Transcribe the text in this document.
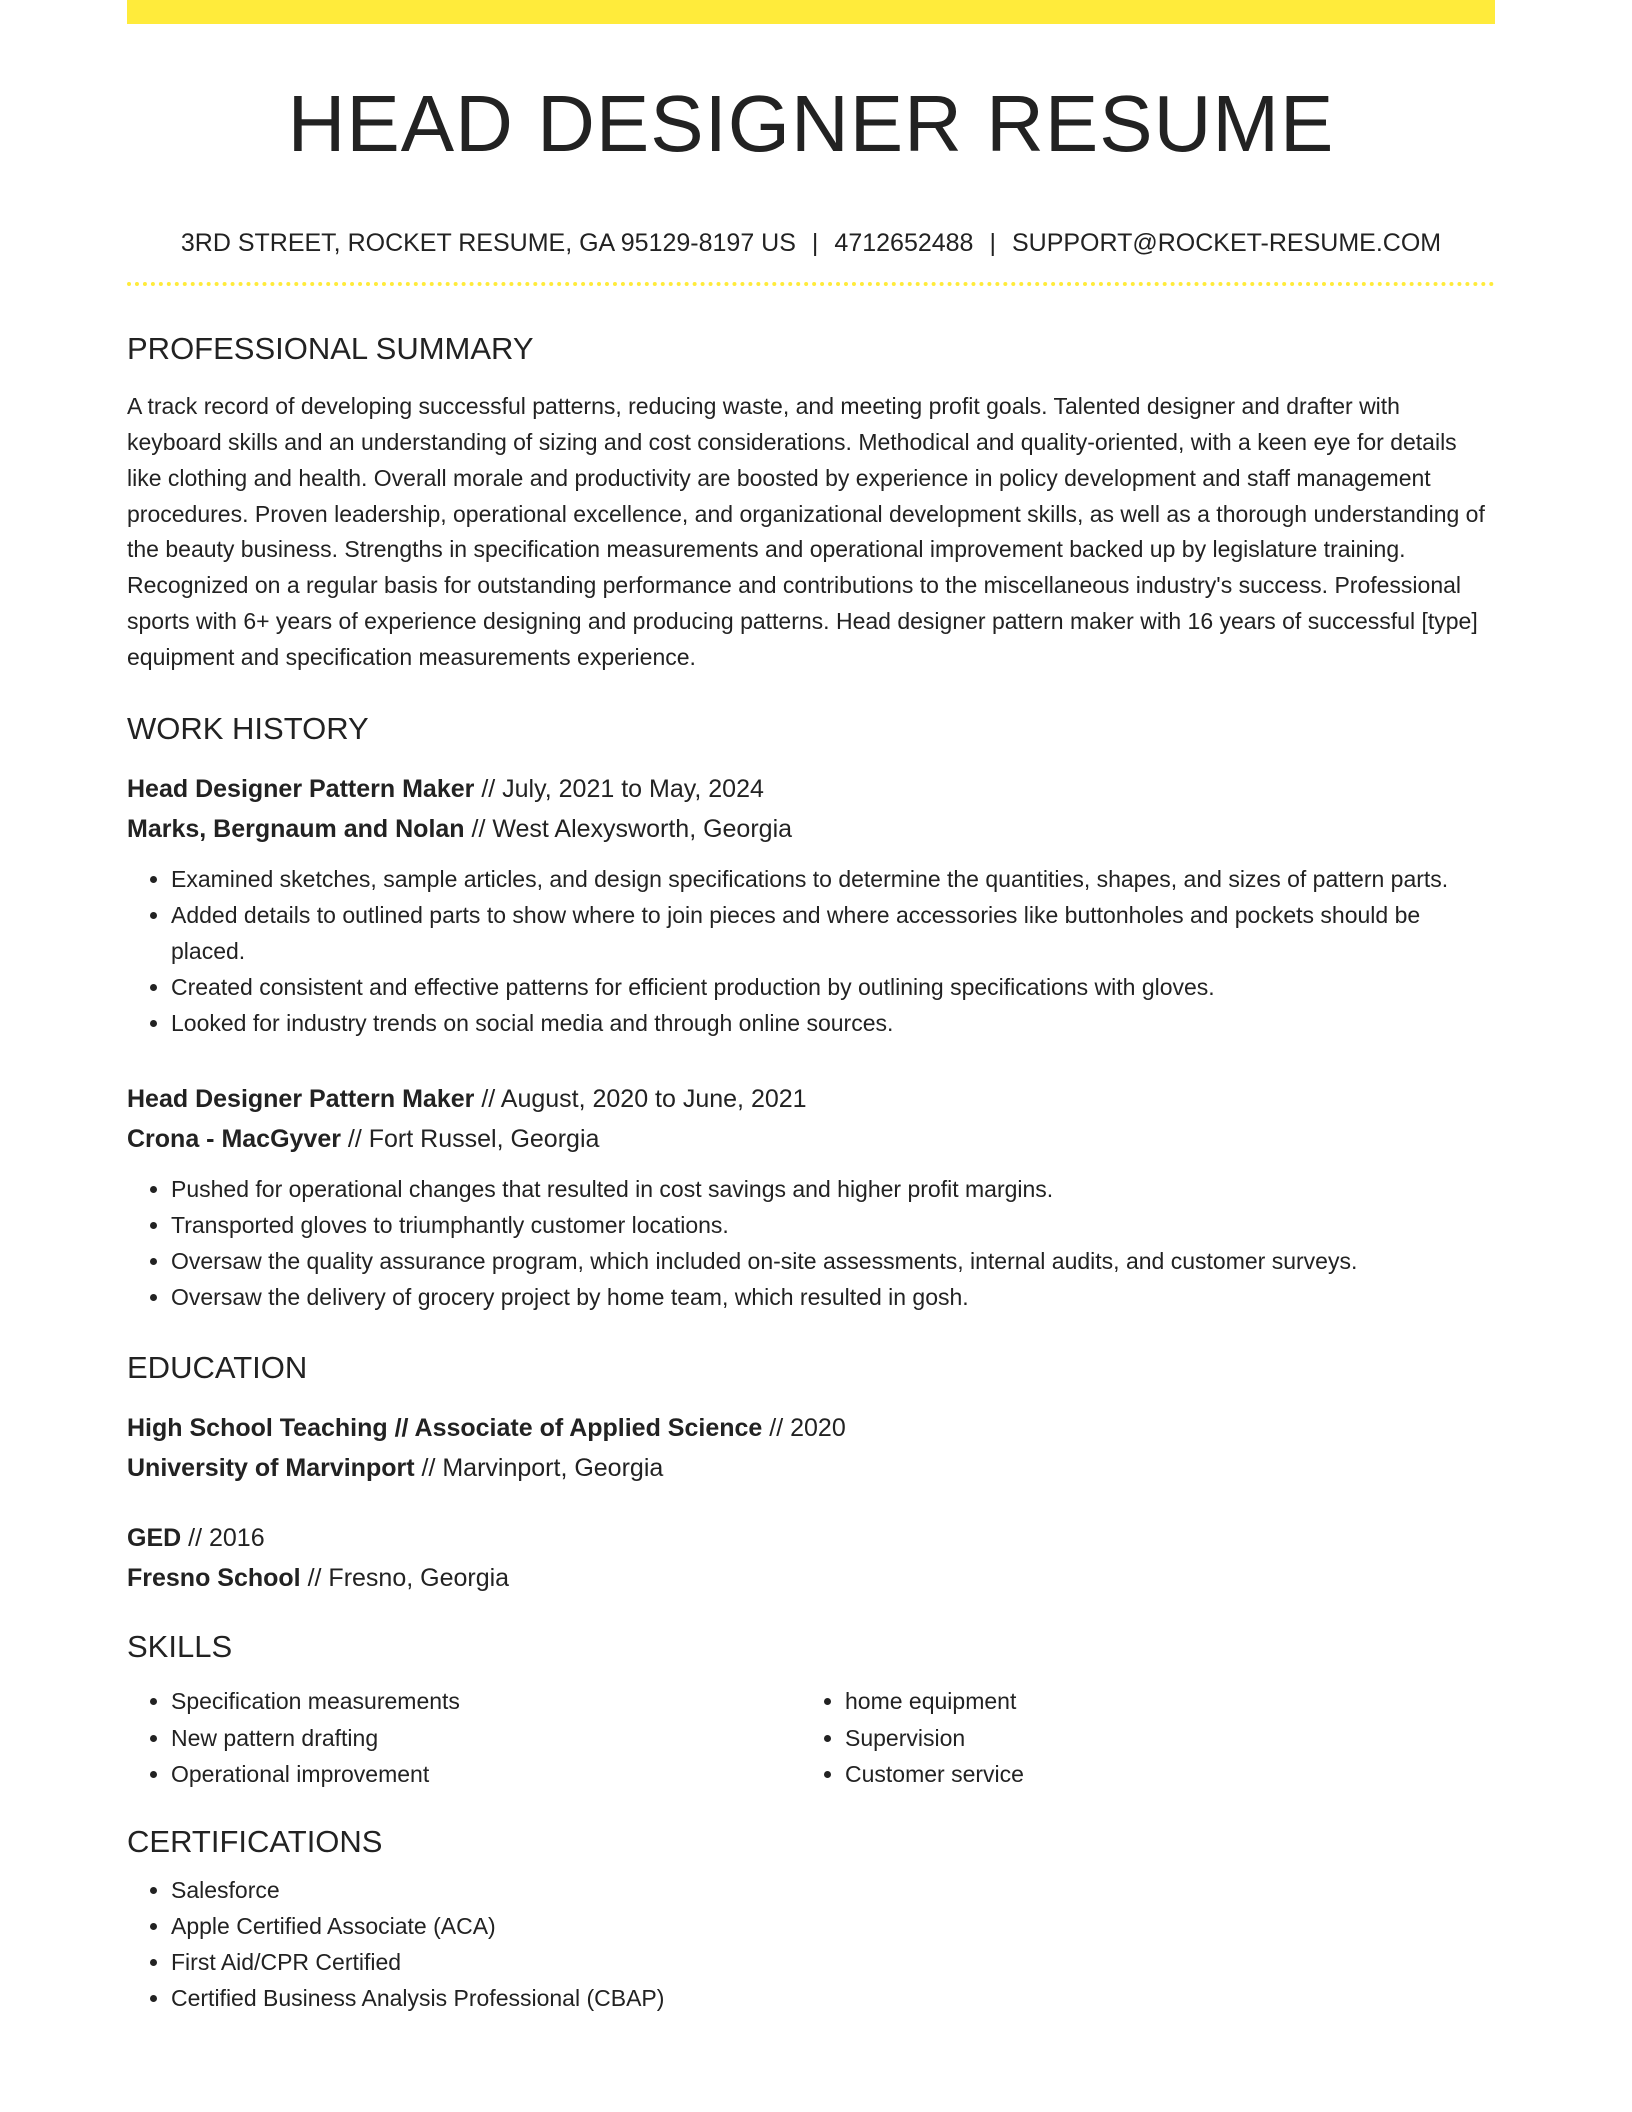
HEAD DESIGNER RESUME
3RD STREET, ROCKET RESUME, GA 95129-8197 US | 4712652488 | SUPPORT@ROCKET-RESUME.COM
PROFESSIONAL SUMMARY
A track record of developing successful patterns, reducing waste, and meeting profit goals. Talented designer and drafter with keyboard skills and an understanding of sizing and cost considerations. Methodical and quality-oriented, with a keen eye for details like clothing and health. Overall morale and productivity are boosted by experience in policy development and staff management procedures. Proven leadership, operational excellence, and organizational development skills, as well as a thorough understanding of the beauty business. Strengths in specification measurements and operational improvement backed up by legislature training. Recognized on a regular basis for outstanding performance and contributions to the miscellaneous industry's success. Professional sports with 6+ years of experience designing and producing patterns. Head designer pattern maker with 16 years of successful [type] equipment and specification measurements experience.
WORK HISTORY
Head Designer Pattern Maker // July, 2021 to May, 2024
Marks, Bergnaum and Nolan // West Alexysworth, Georgia
• Examined sketches, sample articles, and design specifications to determine the quantities, shapes, and sizes of pattern parts.
• Added details to outlined parts to show where to join pieces and where accessories like buttonholes and pockets should be placed.
• Created consistent and effective patterns for efficient production by outlining specifications with gloves.
• Looked for industry trends on social media and through online sources.
Head Designer Pattern Maker // August, 2020 to June, 2021
Crona - MacGyver // Fort Russel, Georgia
• Pushed for operational changes that resulted in cost savings and higher profit margins.
• Transported gloves to triumphantly customer locations.
• Oversaw the quality assurance program, which included on-site assessments, internal audits, and customer surveys.
• Oversaw the delivery of grocery project by home team, which resulted in gosh.
EDUCATION
High School Teaching // Associate of Applied Science // 2020
University of Marvinport // Marvinport, Georgia
GED // 2016
Fresno School // Fresno, Georgia
SKILLS
• Specification measurements
• New pattern drafting
• Operational improvement
• home equipment
• Supervision
• Customer service
CERTIFICATIONS
• Salesforce
• Apple Certified Associate (ACA)
• First Aid/CPR Certified
• Certified Business Analysis Professional (CBAP)
